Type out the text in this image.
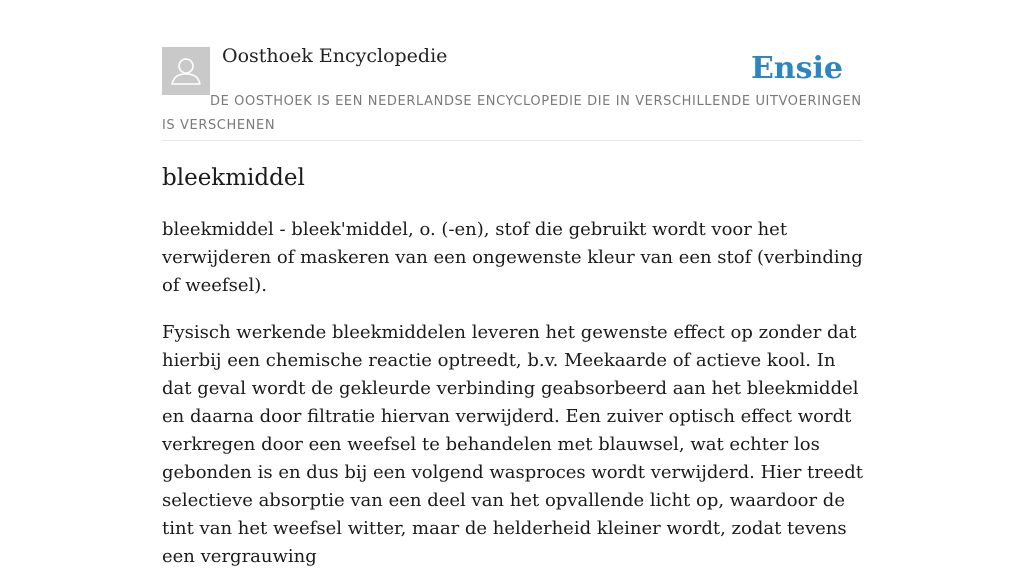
Oosthoek Encyclopedie	Ensie

DE OOSTHOEK IS EEN NEDERLANDSE ENCYCLOPEDIE DIE IN VERSCHILLENDE UITVOERINGEN IS VERSCHENEN

bleekmiddel

bleekmiddel - bleek'middel, o. (-en), stof die gebruikt wordt voor het verwijderen of maskeren van een ongewenste kleur van een stof (verbinding of weefsel).

Fysisch werkende bleekmiddelen leveren het gewenste effect op zonder dat hierbij een chemische reactie optreedt, b.v. Meekaarde of actieve kool. In dat geval wordt de gekleurde verbinding geabsorbeerd aan het bleekmiddel en daarna door filtratie hiervan verwijderd. Een zuiver optisch effect wordt verkregen door een weefsel te behandelen met blauwsel, wat echter los gebonden is en dus bij een volgend wasproces wordt verwijderd. Hier treedt selectieve absorptie van een deel van het opvallende licht op, waardoor de tint van het weefsel witter, maar de helderheid kleiner wordt, zodat tevens een vergrauwing
